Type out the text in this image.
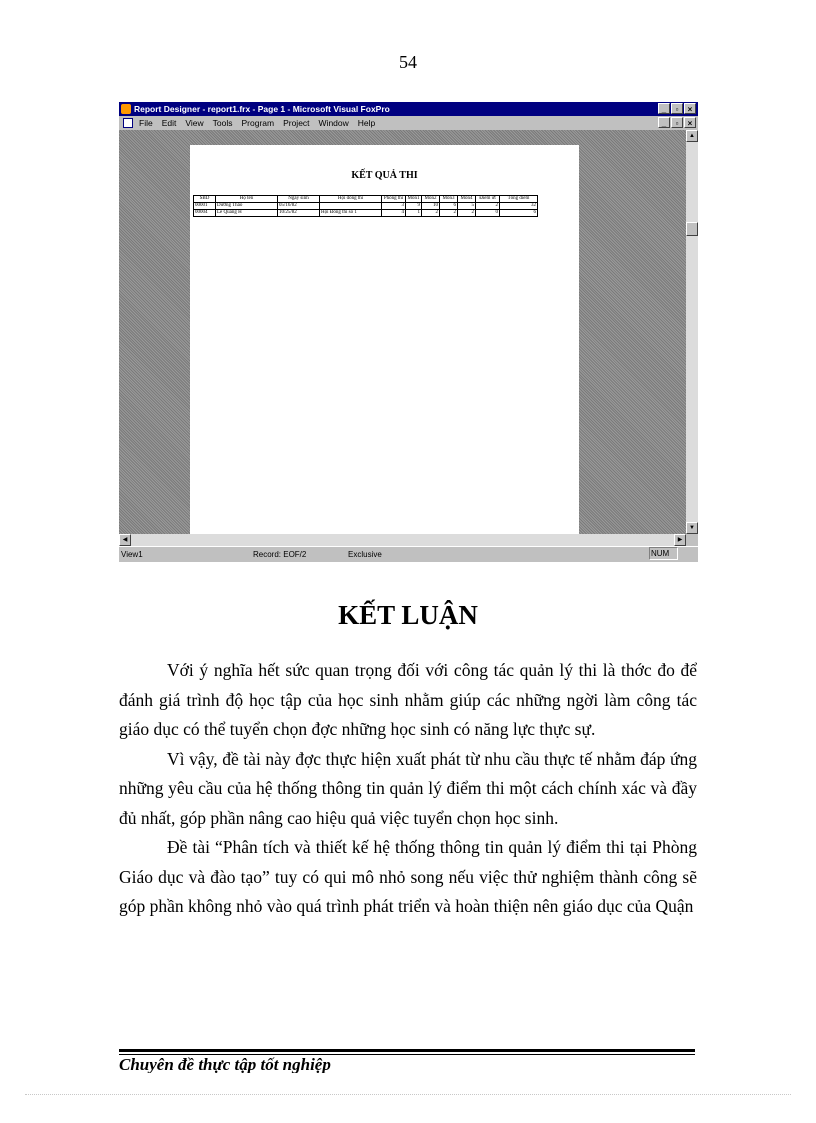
54
Report Designer - report1.frx - Page 1 - Microsoft Visual FoxPro	_	▫	×
File Edit View Tools Program Project Window Help	_	▫	×
KẾT QUẢ THI
SBD	Họ tên	Ngày sinh	Hội đồng thi	Phòng thi	Môn1	Môn2	Môn3	Môn4	Điểm ưt	Tổng điểm
00001	Dương Thảo	05/16/82		3	9	10	6	5	2	32
00004	Lê Quang H	10/25/82	Hội Đồng thi số 1	4	1	2	2	2	0	6
▲
▼
◀	▶
View1	Record: EOF/2	Exclusive	NUM
KẾT LUẬN

Với ý nghĩa hết sức quan trọng đối với công tác quản lý thi là thớc đo để đánh giá trình độ học tập của học sinh nhằm giúp các những ngời làm công tác giáo dục có thể tuyển chọn đợc những học sinh có năng lực thực sự.

Vì vậy, đề tài này đợc thực hiện xuất phát từ nhu cầu thực tế nhằm đáp ứng những yêu cầu của hệ thống thông tin quản lý điểm thi một cách chính xác và đầy đủ nhất, góp phần nâng cao hiệu quả việc tuyển chọn học sinh.

Đề tài “Phân tích và thiết kế hệ thống thông tin quản lý điểm thi tại Phòng Giáo dục và đào tạo” tuy có qui mô nhỏ song nếu việc thử nghiệm thành công sẽ góp phần không nhỏ vào quá trình phát triển và hoàn thiện nên giáo dục của Quận

Chuyên đề thực tập tốt nghiệp
